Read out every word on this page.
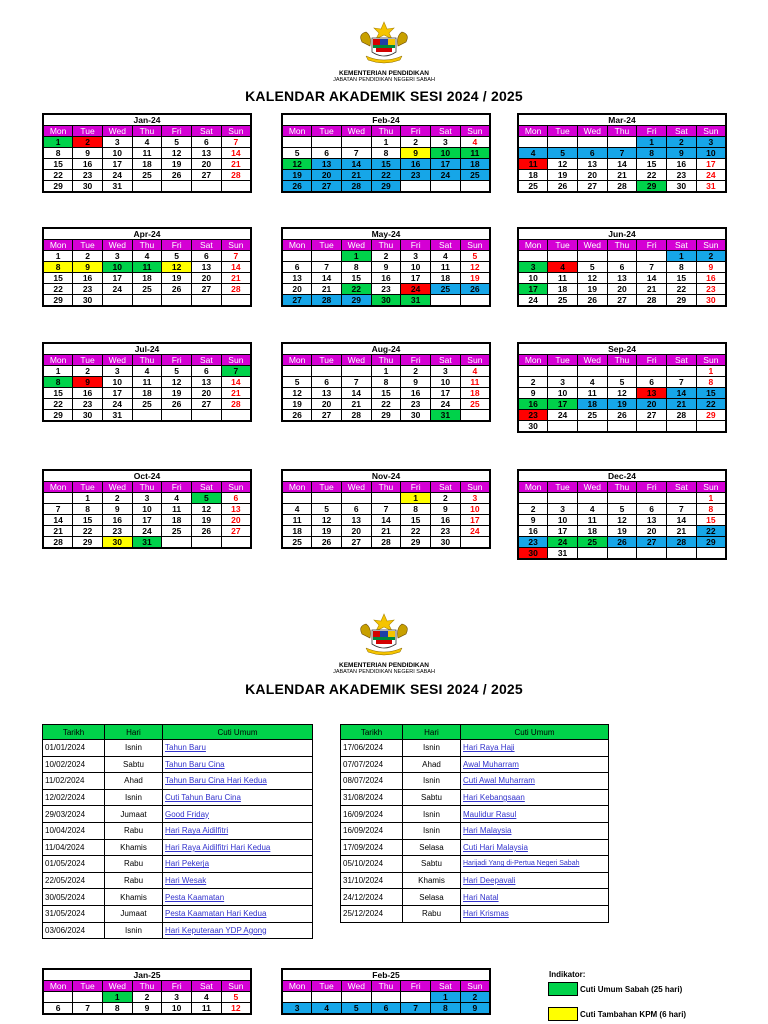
KEMENTERIAN PENDIDIKAN
JABATAN PENDIDIKAN NEGERI SABAH
KALENDAR AKADEMIK SESI 2024 / 2025
Jan-24						
Mon	Tue	Wed	Thu	Fri	Sat	Sun
1	2	3	4	5	6	7
8	9	10	11	12	13	14
15	16	17	18	19	20	21
22	23	24	25	26	27	28
29	30	31				
Feb-24						
Mon	Tue	Wed	Thu	Fri	Sat	Sun
			1	2	3	4
5	6	7	8	9	10	11
12	13	14	15	16	17	18
19	20	21	22	23	24	25
26	27	28	29			
Mar-24						
Mon	Tue	Wed	Thu	Fri	Sat	Sun
				1	2	3
4	5	6	7	8	9	10
11	12	13	14	15	16	17
18	19	20	21	22	23	24
25	26	27	28	29	30	31
Apr-24						
Mon	Tue	Wed	Thu	Fri	Sat	Sun
1	2	3	4	5	6	7
8	9	10	11	12	13	14
15	16	17	18	19	20	21
22	23	24	25	26	27	28
29	30					
May-24						
Mon	Tue	Wed	Thu	Fri	Sat	Sun
		1	2	3	4	5
6	7	8	9	10	11	12
13	14	15	16	17	18	19
20	21	22	23	24	25	26
27	28	29	30	31		
Jun-24						
Mon	Tue	Wed	Thu	Fri	Sat	Sun
					1	2
3	4	5	6	7	8	9
10	11	12	13	14	15	16
17	18	19	20	21	22	23
24	25	26	27	28	29	30
Jul-24						
Mon	Tue	Wed	Thu	Fri	Sat	Sun
1	2	3	4	5	6	7
8	9	10	11	12	13	14
15	16	17	18	19	20	21
22	23	24	25	26	27	28
29	30	31				
Aug-24						
Mon	Tue	Wed	Thu	Fri	Sat	Sun
			1	2	3	4
5	6	7	8	9	10	11
12	13	14	15	16	17	18
19	20	21	22	23	24	25
26	27	28	29	30	31	
Sep-24						
Mon	Tue	Wed	Thu	Fri	Sat	Sun
						1
2	3	4	5	6	7	8
9	10	11	12	13	14	15
16	17	18	19	20	21	22
23	24	25	26	27	28	29
30						
Oct-24						
Mon	Tue	Wed	Thu	Fri	Sat	Sun
	1	2	3	4	5	6
7	8	9	10	11	12	13
14	15	16	17	18	19	20
21	22	23	24	25	26	27
28	29	30	31			
Nov-24						
Mon	Tue	Wed	Thu	Fri	Sat	Sun
				1	2	3
4	5	6	7	8	9	10
11	12	13	14	15	16	17
18	19	20	21	22	23	24
25	26	27	28	29	30	
Dec-24						
Mon	Tue	Wed	Thu	Fri	Sat	Sun
						1
2	3	4	5	6	7	8
9	10	11	12	13	14	15
16	17	18	19	20	21	22
23	24	25	26	27	28	29
30	31					
KEMENTERIAN PENDIDIKAN
JABATAN PENDIDIKAN NEGERI SABAH
KALENDAR AKADEMIK SESI 2024 / 2025
Tarikh	Hari	Cuti Umum
01/01/2024	Isnin	Tahun Baru
10/02/2024	Sabtu	Tahun Baru Cina
11/02/2024	Ahad	Tahun Baru Cina Hari Kedua
12/02/2024	Isnin	Cuti Tahun Baru Cina
29/03/2024	Jumaat	Good Friday
10/04/2024	Rabu	Hari Raya Aidilfitri
11/04/2024	Khamis	Hari Raya Aidilfitri Hari Kedua
01/05/2024	Rabu	Hari Pekerja
22/05/2024	Rabu	Hari Wesak
30/05/2024	Khamis	Pesta Kaamatan
31/05/2024	Jumaat	Pesta Kaamatan Hari Kedua
03/06/2024	Isnin	Hari Keputeraan YDP Agong
Tarikh	Hari	Cuti Umum
17/06/2024	Isnin	Hari Raya Haji
07/07/2024	Ahad	Awal Muharram
08/07/2024	Isnin	Cuti Awal Muharram
31/08/2024	Sabtu	Hari Kebangsaan
16/09/2024	Isnin	Maulidur Rasul
16/09/2024	Isnin	Hari Malaysia
17/09/2024	Selasa	Cuti Hari Malaysia
05/10/2024	Sabtu	Harijadi Yang di-Pertua Negeri Sabah
31/10/2024	Khamis	Hari Deepavali
24/12/2024	Selasa	Hari Natal
25/12/2024	Rabu	Hari Krismas
Jan-25						
Mon	Tue	Wed	Thu	Fri	Sat	Sun
		1	2	3	4	5
6	7	8	9	10	11	12
Feb-25						
Mon	Tue	Wed	Thu	Fri	Sat	Sun
					1	2
3	4	5	6	7	8	9
Indikator:
Cuti Umum Sabah (25 hari)
Cuti Tambahan KPM (6 hari)
